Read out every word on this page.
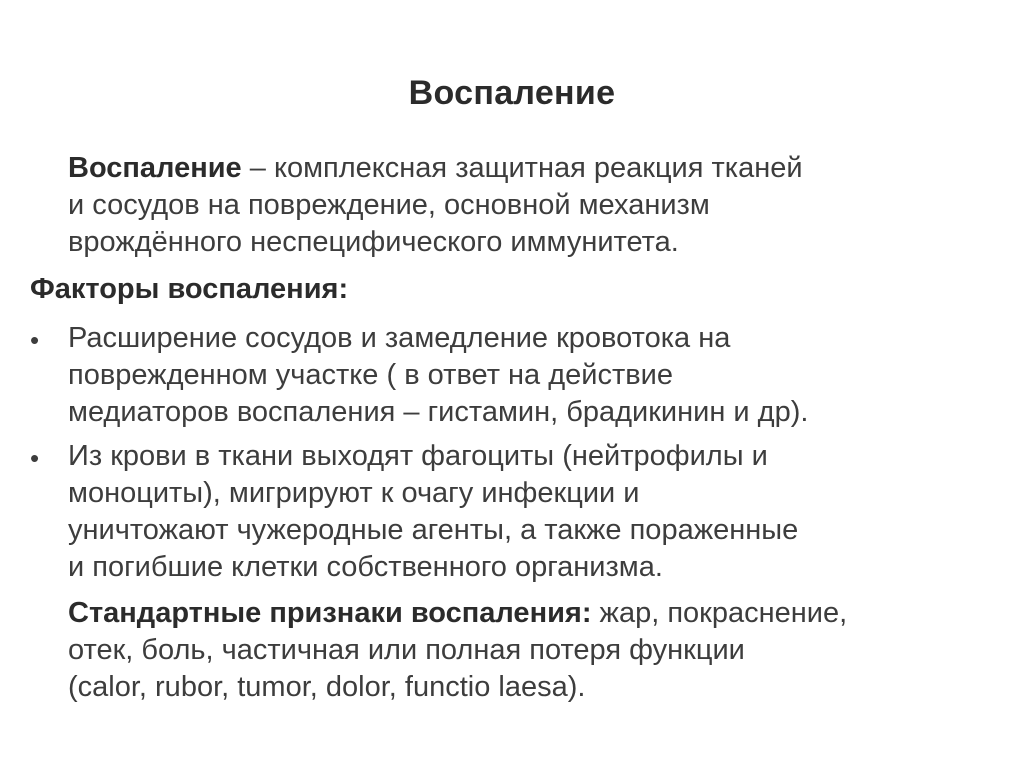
Воспаление
Воспаление – комплексная защитная реакция тканей
и сосудов на повреждение, основной механизм
врождённого неспецифического иммунитета.
Факторы воспаления:
• Расширение сосудов и замедление кровотока на
поврежденном участке ( в ответ на действие
медиаторов воспаления – гистамин, брадикинин и др).
• Из крови в ткани выходят фагоциты (нейтрофилы и
моноциты), мигрируют к очагу инфекции и
уничтожают чужеродные агенты, а также пораженные
и погибшие клетки собственного организма.
Стандартные признаки воспаления: жар, покраснение,
отек, боль, частичная или полная потеря функции
(calor, rubor, tumor, dolor, functio laesa).
